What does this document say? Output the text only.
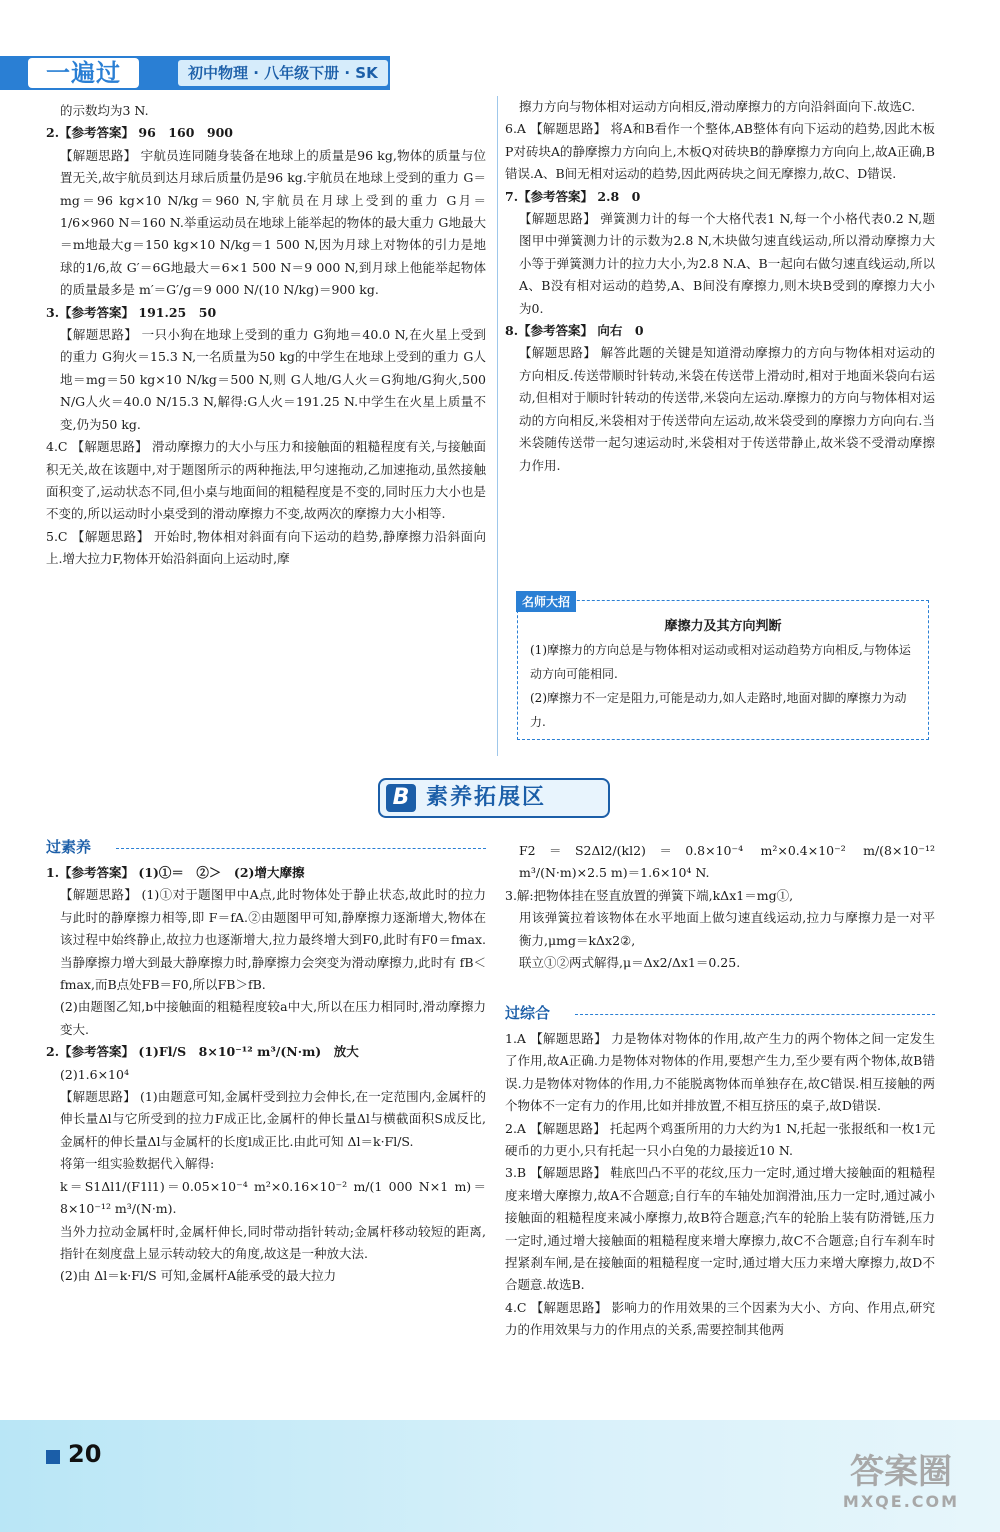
一遍过	初中物理 · 八年级下册 · SK

的示数均为3 N.

2.【参考答案】 96　160　900

【解题思路】 宇航员连同随身装备在地球上的质量是96 kg,物体的质量与位置无关,故宇航员到达月球后质量仍是96 kg.宇航员在地球上受到的重力 G＝mg＝96 kg×10 N/kg＝960 N,宇航员在月球上受到的重力 G月＝1/6×960 N＝160 N.举重运动员在地球上能举起的物体的最大重力 G地最大＝m地最大g＝150 kg×10 N/kg＝1 500 N,因为月球上对物体的引力是地球的1/6,故 G′＝6G地最大＝6×1 500 N＝9 000 N,到月球上他能举起物体的质量最多是 m′＝G′/g＝9 000 N/(10 N/kg)＝900 kg.

3.【参考答案】 191.25　50

【解题思路】 一只小狗在地球上受到的重力 G狗地＝40.0 N,在火星上受到的重力 G狗火＝15.3 N,一名质量为50 kg的中学生在地球上受到的重力 G人地＝mg＝50 kg×10 N/kg＝500 N,则 G人地/G人火＝G狗地/G狗火,500 N/G人火＝40.0 N/15.3 N,解得:G人火＝191.25 N.中学生在火星上质量不变,仍为50 kg.

4.C 【解题思路】 滑动摩擦力的大小与压力和接触面的粗糙程度有关,与接触面积无关,故在该题中,对于题图所示的两种拖法,甲匀速拖动,乙加速拖动,虽然接触面积变了,运动状态不同,但小桌与地面间的粗糙程度是不变的,同时压力大小也是不变的,所以运动时小桌受到的滑动摩擦力不变,故两次的摩擦力大小相等.

5.C 【解题思路】 开始时,物体相对斜面有向下运动的趋势,静摩擦力沿斜面向上.增大拉力F,物体开始沿斜面向上运动时,摩

擦力方向与物体相对运动方向相反,滑动摩擦力的方向沿斜面向下.故选C.

6.A 【解题思路】 将A和B看作一个整体,AB整体有向下运动的趋势,因此木板P对砖块A的静摩擦力方向向上,木板Q对砖块B的静摩擦力方向向上,故A正确,B错误.A、B间无相对运动的趋势,因此两砖块之间无摩擦力,故C、D错误.

7.【参考答案】 2.8　0

【解题思路】 弹簧测力计的每一个大格代表1 N,每一个小格代表0.2 N,题图甲中弹簧测力计的示数为2.8 N,木块做匀速直线运动,所以滑动摩擦力大小等于弹簧测力计的拉力大小,为2.8 N.A、B一起向右做匀速直线运动,所以A、B没有相对运动的趋势,A、B间没有摩擦力,则木块B受到的摩擦力大小为0.

8.【参考答案】 向右　0

【解题思路】 解答此题的关键是知道滑动摩擦力的方向与物体相对运动的方向相反.传送带顺时针转动,米袋在传送带上滑动时,相对于地面米袋向右运动,但相对于顺时针转动的传送带,米袋向左运动.摩擦力的方向与物体相对运动的方向相反,米袋相对于传送带向左运动,故米袋受到的摩擦力方向向右.当米袋随传送带一起匀速运动时,米袋相对于传送带静止,故米袋不受滑动摩擦力作用.

名师大招
摩擦力及其方向判断

(1)摩擦力的方向总是与物体相对运动或相对运动趋势方向相反,与物体运动方向可能相同.

(2)摩擦力不一定是阻力,可能是动力,如人走路时,地面对脚的摩擦力为动力.

B 素养拓展区
过素养

1.【参考答案】 (1)①＝　②＞　(2)增大摩擦

【解题思路】 (1)①对于题图甲中A点,此时物体处于静止状态,故此时的拉力与此时的静摩擦力相等,即 F＝fA.②由题图甲可知,静摩擦力逐渐增大,物体在该过程中始终静止,故拉力也逐渐增大,拉力最终增大到F0,此时有F0＝fmax.当静摩擦力增大到最大静摩擦力时,静摩擦力会突变为滑动摩擦力,此时有 fB＜fmax,而B点处FB＝F0,所以FB＞fB.

(2)由题图乙知,b中接触面的粗糙程度较a中大,所以在压力相同时,滑动摩擦力变大.

2.【参考答案】 (1)Fl/S　8×10⁻¹² m³/(N·m)　放大

(2)1.6×10⁴

【解题思路】 (1)由题意可知,金属杆受到拉力会伸长,在一定范围内,金属杆的伸长量Δl与它所受到的拉力F成正比,金属杆的伸长量Δl与横截面积S成反比,金属杆的伸长量Δl与金属杆的长度l成正比.由此可知 Δl＝k·Fl/S.

将第一组实验数据代入解得:

k＝S1Δl1/(F1l1)＝0.05×10⁻⁴ m²×0.16×10⁻² m/(1 000 N×1 m)＝8×10⁻¹² m³/(N·m).

当外力拉动金属杆时,金属杆伸长,同时带动指针转动;金属杆移动较短的距离,指针在刻度盘上显示转动较大的角度,故这是一种放大法.

(2)由 Δl＝k·Fl/S 可知,金属杆A能承受的最大拉力

F2＝S2Δl2/(kl2)＝0.8×10⁻⁴ m²×0.4×10⁻² m/(8×10⁻¹² m³/(N·m)×2.5 m)＝1.6×10⁴ N.

3.解:把物体挂在竖直放置的弹簧下端,kΔx1＝mg①,

用该弹簧拉着该物体在水平地面上做匀速直线运动,拉力与摩擦力是一对平衡力,μmg＝kΔx2②,

联立①②两式解得,μ＝Δx2/Δx1＝0.25.

过综合

1.A 【解题思路】 力是物体对物体的作用,故产生力的两个物体之间一定发生了作用,故A正确.力是物体对物体的作用,要想产生力,至少要有两个物体,故B错误.力是物体对物体的作用,力不能脱离物体而单独存在,故C错误.相互接触的两个物体不一定有力的作用,比如并排放置,不相互挤压的桌子,故D错误.

2.A 【解题思路】 托起两个鸡蛋所用的力大约为1 N,托起一张报纸和一枚1元硬币的力更小,只有托起一只小白兔的力最接近10 N.

3.B 【解题思路】 鞋底凹凸不平的花纹,压力一定时,通过增大接触面的粗糙程度来增大摩擦力,故A不合题意;自行车的车轴处加润滑油,压力一定时,通过减小接触面的粗糙程度来减小摩擦力,故B符合题意;汽车的轮胎上装有防滑链,压力一定时,通过增大接触面的粗糙程度来增大摩擦力,故C不合题意;自行车刹车时捏紧刹车闸,是在接触面的粗糙程度一定时,通过增大压力来增大摩擦力,故D不合题意.故选B.

4.C 【解题思路】 影响力的作用效果的三个因素为大小、方向、作用点,研究力的作用效果与力的作用点的关系,需要控制其他两

20	答案圈
MXQE.COM
